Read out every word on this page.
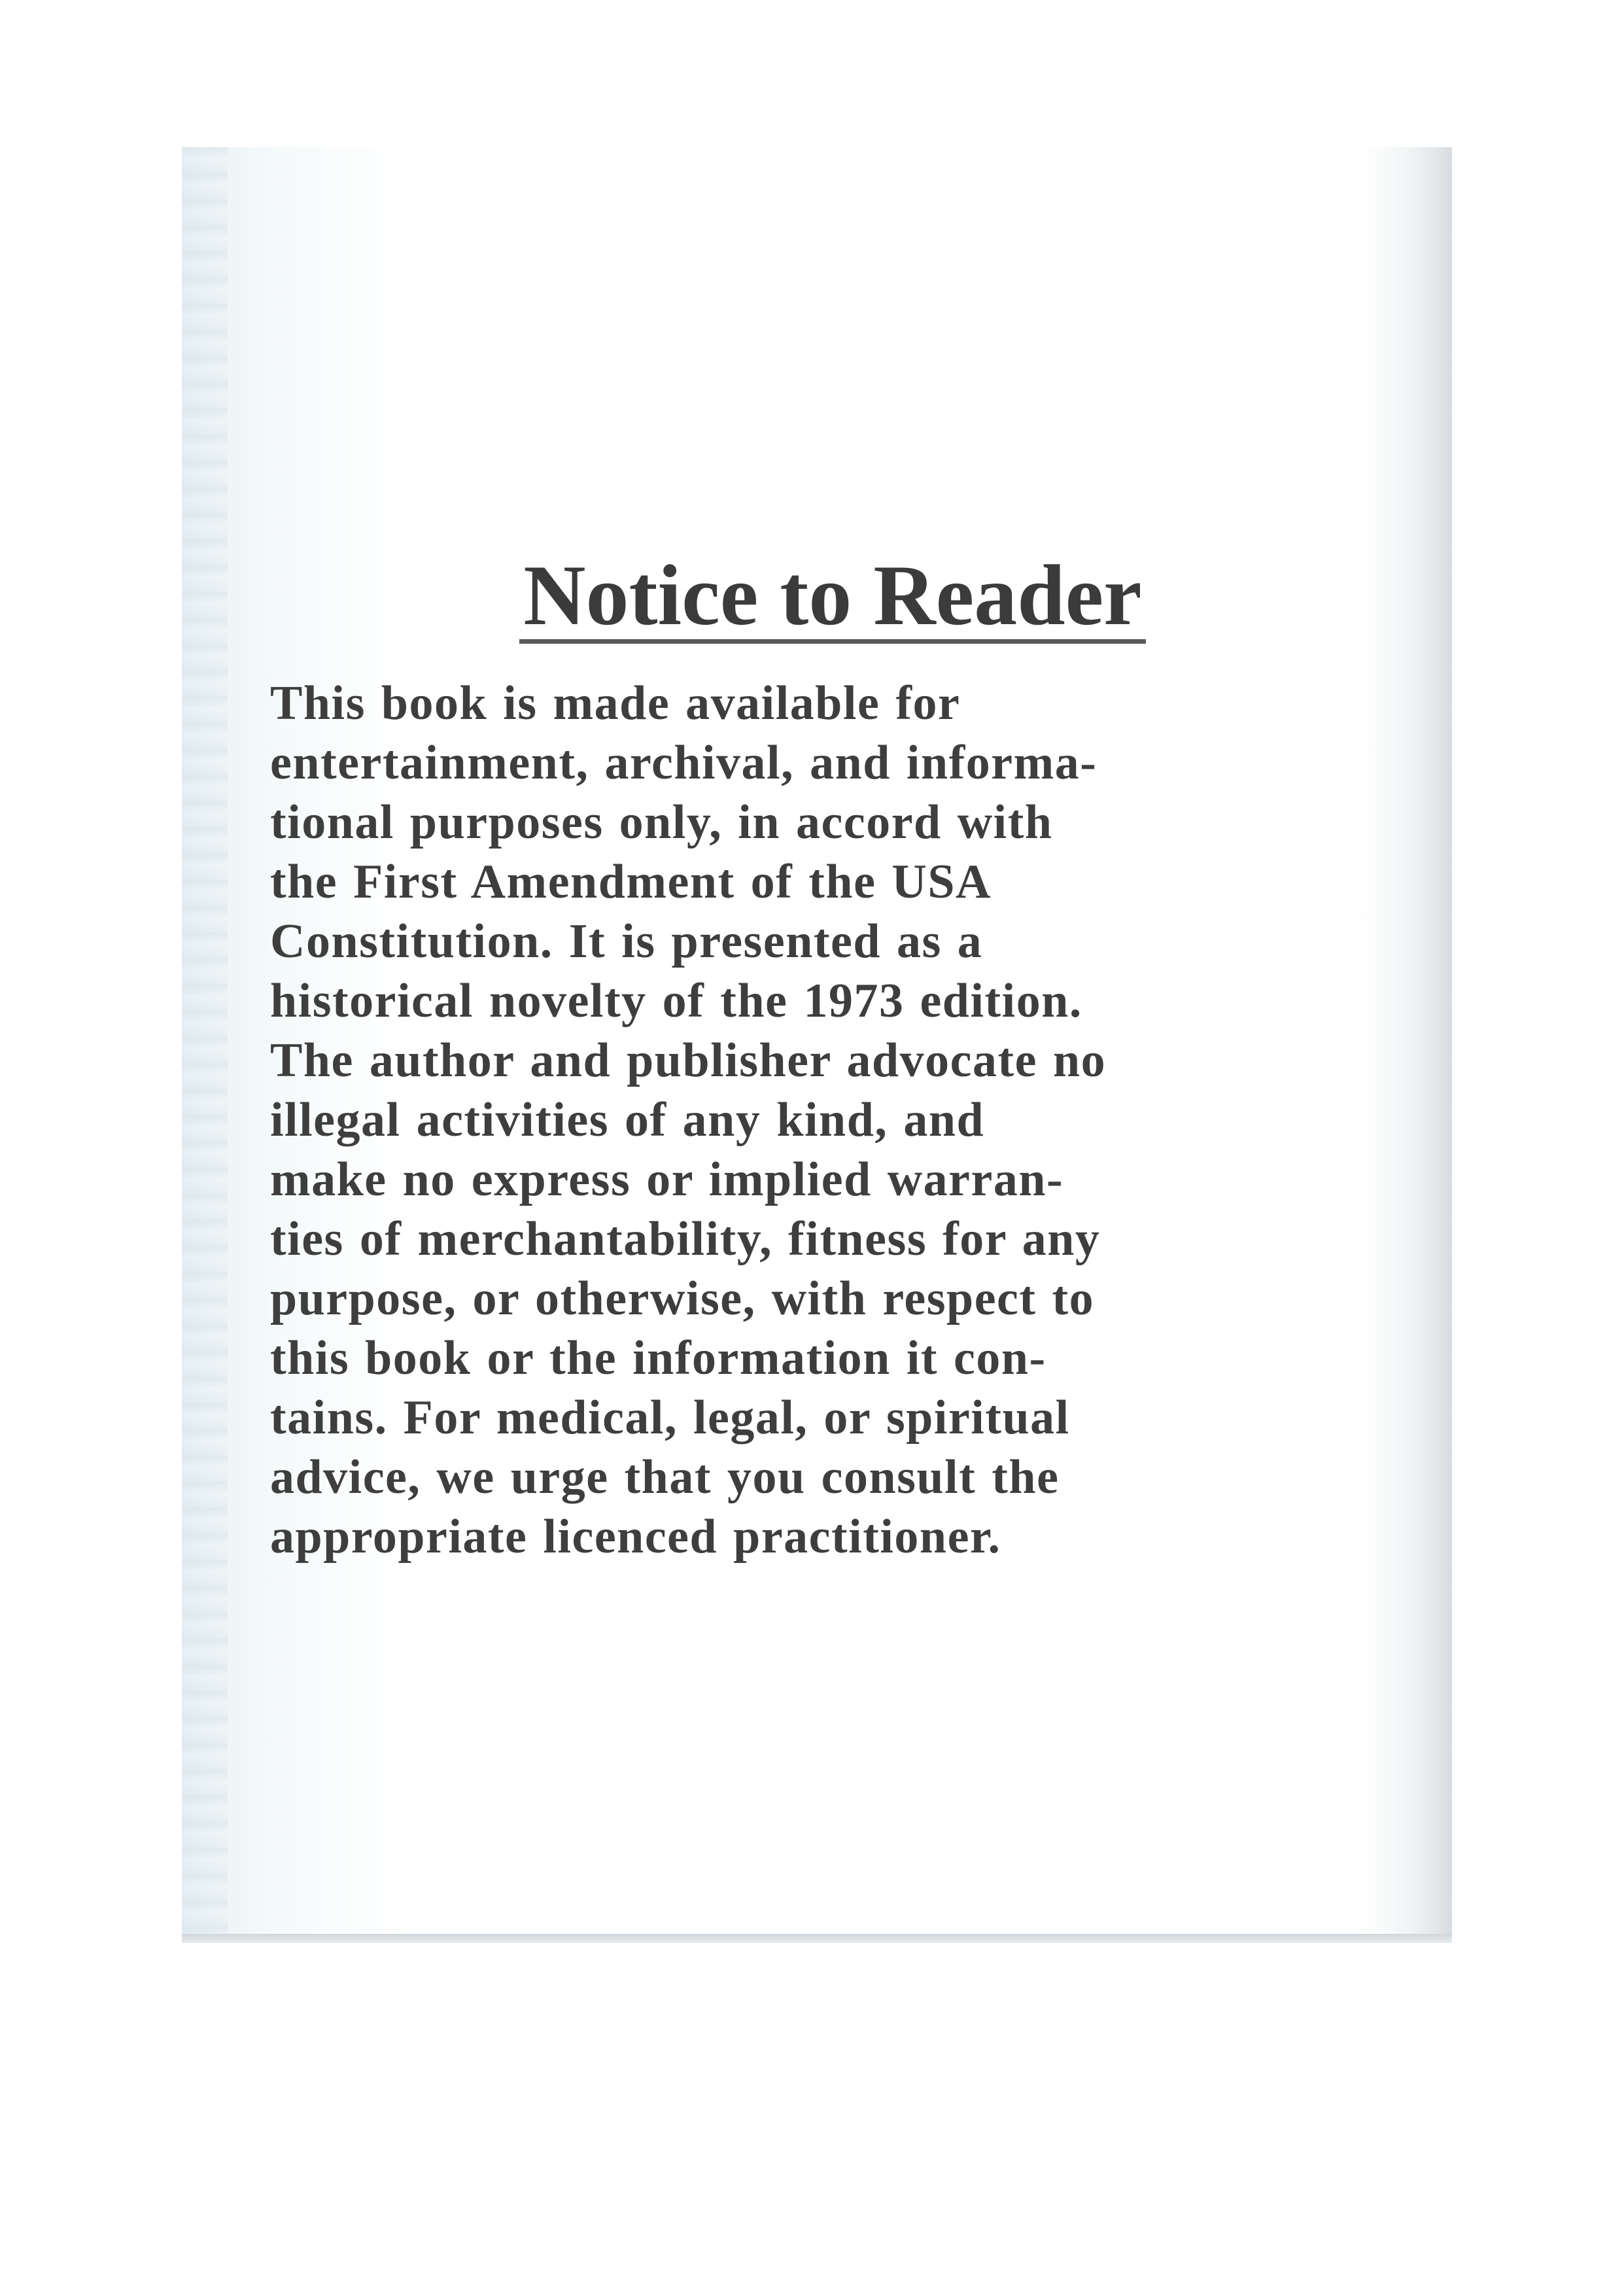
Notice to Reader
This book is made available for
entertainment, archival, and informa-
tional purposes only, in accord with
the First Amendment of the USA
Constitution. It is presented as a
historical novelty of the 1973 edition.
The author and publisher advocate no
illegal activities of any kind, and
make no express or implied warran-
ties of merchantability, fitness for any
purpose, or otherwise, with respect to
this book or the information it con-
tains. For medical, legal, or spiritual
advice, we urge that you consult the
appropriate licenced practitioner.
